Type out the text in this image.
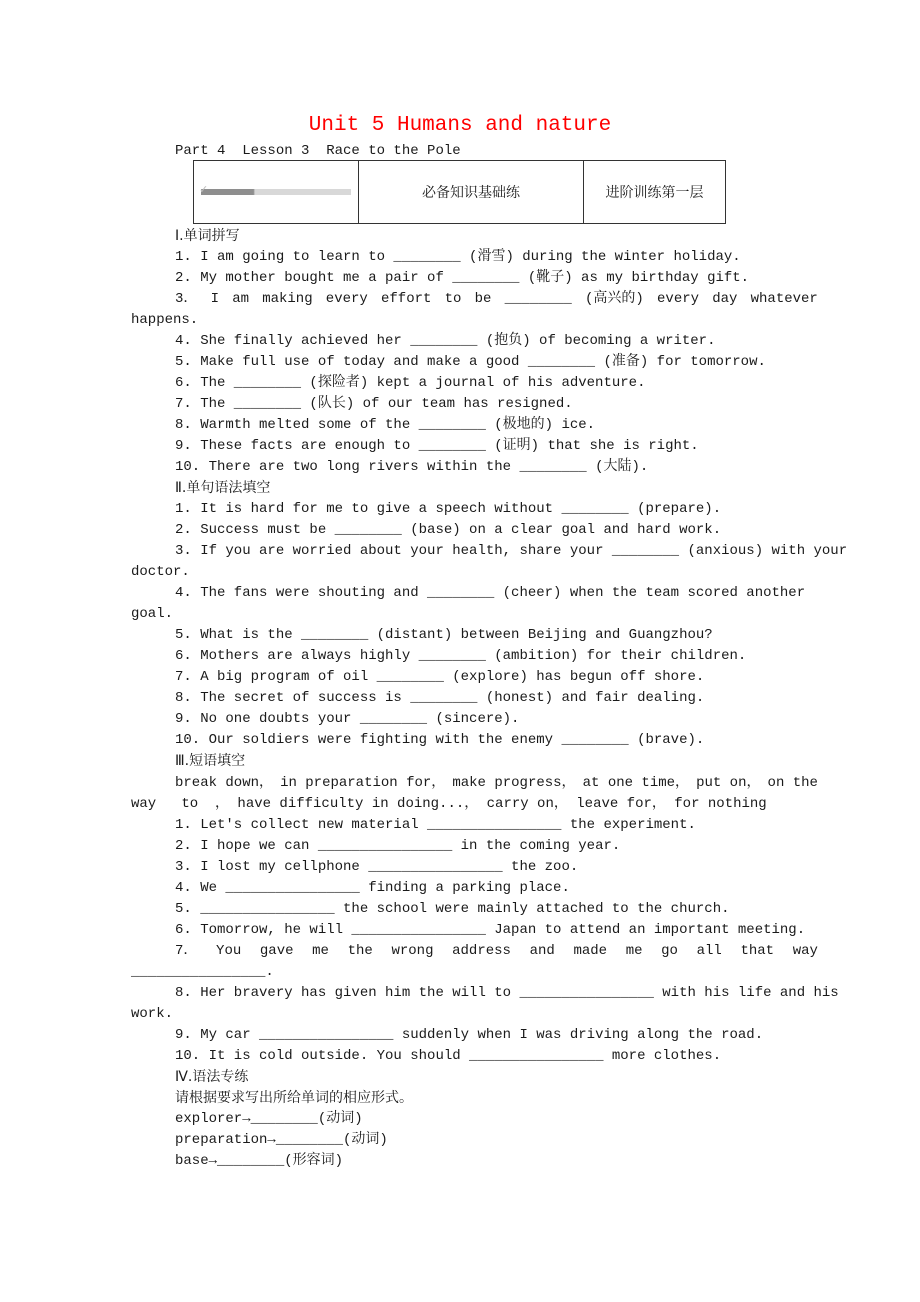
Unit 5 Humans and nature
Part 4  Lesson 3  Race to the Pole
✓	必备知识基础练	进阶训练第一层
Ⅰ.单词拼写
1. I am going to learn to ________ (滑雪) during the winter holiday.
2. My mother bought me a pair of ________ (靴子) as my birthday gift.
3． I am making every effort to be ________ (高兴的) every day whatever
happens.
4. She finally achieved her ________ (抱负) of becoming a writer.
5. Make full use of today and make a good ________ (准备) for tomorrow.
6. The ________ (探险者) kept a journal of his adventure.
7. The ________ (队长) of our team has resigned.
8. Warmth melted some of the ________ (极地的) ice.
9. These facts are enough to ________ (证明) that she is right.
10. There are two long rivers within the ________ (大陆).
Ⅱ.单句语法填空
1. It is hard for me to give a speech without ________ (prepare).
2. Success must be ________ (base) on a clear goal and hard work.
3. If you are worried about your health, share your ________ (anxious) with your
doctor.
4. The fans were shouting and ________ (cheer) when the team scored another
goal.
5. What is the ________ (distant) between Beijing and Guangzhou?
6. Mothers are always highly ________ (ambition) for their children.
7. A big program of oil ________ (explore) has begun off shore.
8. The secret of success is ________ (honest) and fair dealing.
9. No one doubts your ________ (sincere).
10. Our soldiers were fighting with the enemy ________ (brave).
Ⅲ.短语填空
break down， in preparation for， make progress， at one time， put on， on the
way   to  ， have difficulty in doing...， carry on， leave for， for nothing
1. Let's collect new material ________________ the experiment.
2. I hope we can ________________ in the coming year.
3. I lost my cellphone ________________ the zoo.
4. We ________________ finding a parking place.
5. ________________ the school were mainly attached to the church.
6. Tomorrow, he will ________________ Japan to attend an important meeting.
7． You gave me the wrong address and made me go all that way
________________.
8. Her bravery has given him the will to ________________ with his life and his
work.
9. My car ________________ suddenly when I was driving along the road.
10. It is cold outside. You should ________________ more clothes.
Ⅳ.语法专练
请根据要求写出所给单词的相应形式。
explorer→________(动词)
preparation→________(动词)
base→________(形容词)
